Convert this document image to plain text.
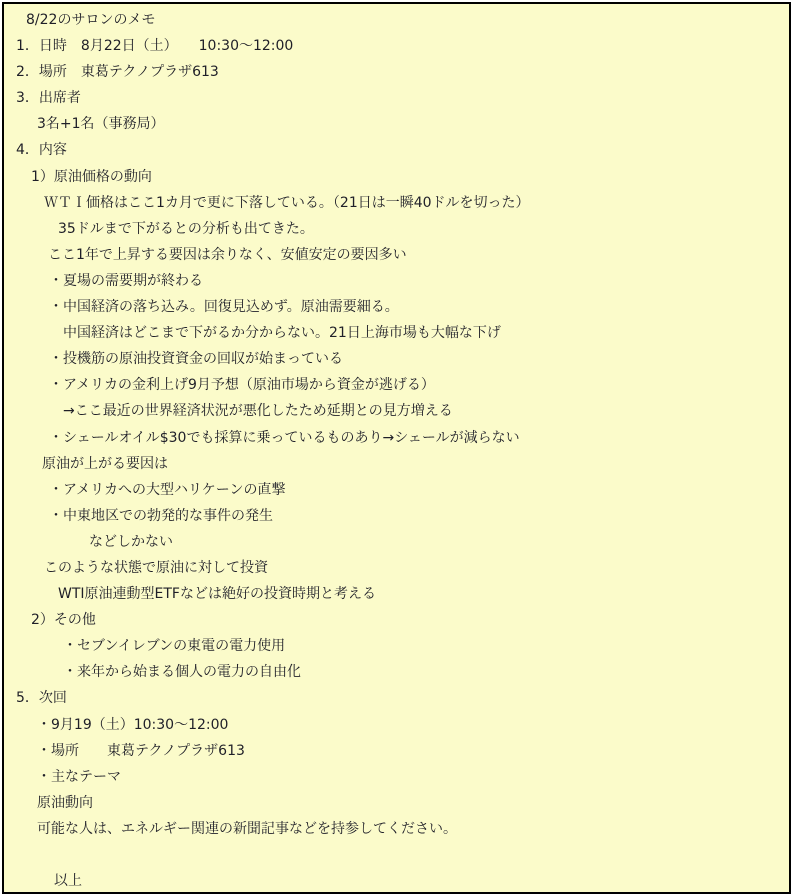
8/22のサロンのメモ
1．日時　8月22日（土）　　10:30～12:00
2．場所　東葛テクノプラザ613
3．出席者
3名+1名（事務局）
4．内容
1）原油価格の動向
ＷＴＩ価格はここ1カ月で更に下落している。（21日は一瞬40ドルを切った）
35ドルまで下がるとの分析も出てきた。
ここ1年で上昇する要因は余りなく、安値安定の要因多い
・夏場の需要期が終わる
・中国経済の落ち込み。回復見込めず。原油需要細る。
中国経済はどこまで下がるか分からない。21日上海市場も大幅な下げ
・投機筋の原油投資資金の回収が始まっている
・アメリカの金利上げ9月予想（原油市場から資金が逃げる）
→ここ最近の世界経済状況が悪化したため延期との見方増える
・シェールオイル$30でも採算に乗っているものあり→シェールが減らない
原油が上がる要因は
・アメリカへの大型ハリケーンの直撃
・中東地区での勃発的な事件の発生
などしかない
このような状態で原油に対して投資
WTI原油連動型ETFなどは絶好の投資時期と考える
2）その他
・セブンイレブンの東電の電力使用
・来年から始まる個人の電力の自由化
5．次回
・9月19（土）10:30～12:00
・場所　　東葛テクノプラザ613
・主なテーマ
原油動向
可能な人は、エネルギー関連の新聞記事などを持参してください。

以上
